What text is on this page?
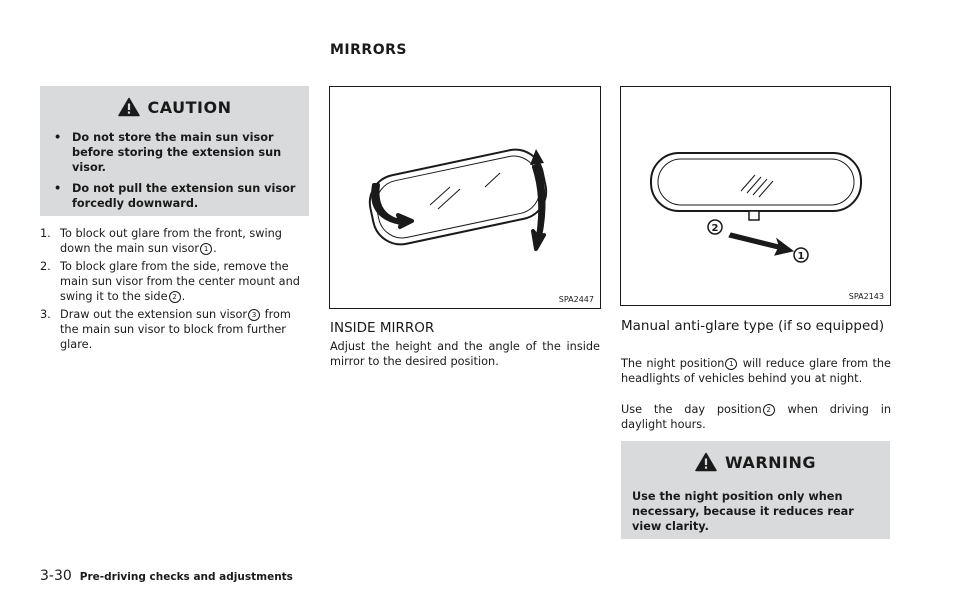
MIRRORS
CAUTION
• Do not store the main sun visor before storing the extension sun visor.
• Do not pull the extension sun visor forcedly downward.
1. To block out glare from the front, swing down the main sun visor 1 .
2. To block glare from the side, remove the main sun visor from the center mount and swing it to the side 2 .
3. Draw out the extension sun visor 3 from the main sun visor to block from further glare.
SPA2447
2
1
SPA2143
INSIDE MIRROR
Adjust the height and the angle of the inside mirror to the desired position.
Manual anti-glare type (if so equipped)
The night position 1 will reduce glare from the headlights of vehicles behind you at night.
Use the day position 2 when driving in daylight hours.
WARNING
Use the night position only when necessary, because it reduces rear view clarity.
3-30 Pre-driving checks and adjustments
